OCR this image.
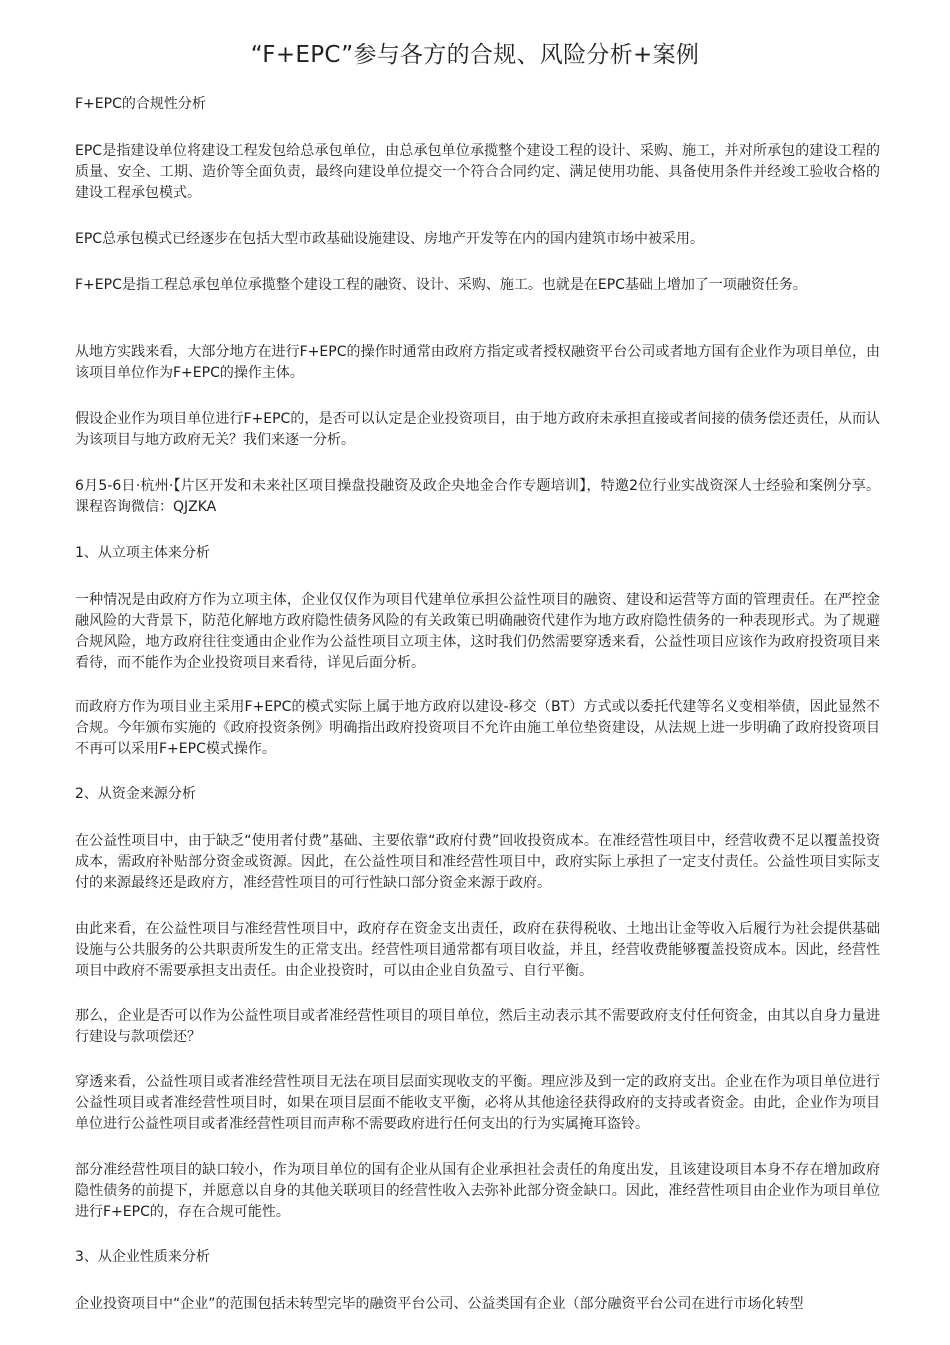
“F+EPC”参与各方的合规、风险分析+案例

F+EPC的合规性分析

EPC是指建设单位将建设工程发包给总承包单位，由总承包单位承揽整个建设工程的设计、采购、施工，并对所承包的建设工程的质量、安全、工期、造价等全面负责，最终向建设单位提交一个符合合同约定、满足使用功能、具备使用条件并经竣工验收合格的建设工程承包模式。

EPC总承包模式已经逐步在包括大型市政基础设施建设、房地产开发等在内的国内建筑市场中被采用。

F+EPC是指工程总承包单位承揽整个建设工程的融资、设计、采购、施工。也就是在EPC基础上增加了一项融资任务。

从地方实践来看，大部分地方在进行F+EPC的操作时通常由政府方指定或者授权融资平台公司或者地方国有企业作为项目单位，由该项目单位作为F+EPC的操作主体。

假设企业作为项目单位进行F+EPC的，是否可以认定是企业投资项目，由于地方政府未承担直接或者间接的债务偿还责任，从而认为该项目与地方政府无关？我们来逐一分析。

6月5-6日·杭州·【片区开发和未来社区项目操盘投融资及政企央地金合作专题培训】，特邀2位行业实战资深人士经验和案例分享。课程咨询微信：QJZKA

1、从立项主体来分析

一种情况是由政府方作为立项主体，企业仅仅作为项目代建单位承担公益性项目的融资、建设和运营等方面的管理责任。在严控金融风险的大背景下，防范化解地方政府隐性债务风险的有关政策已明确融资代建作为地方政府隐性债务的一种表现形式。为了规避合规风险，地方政府往往变通由企业作为公益性项目立项主体，这时我们仍然需要穿透来看，公益性项目应该作为政府投资项目来看待，而不能作为企业投资项目来看待，详见后面分析。

而政府方作为项目业主采用F+EPC的模式实际上属于地方政府以建设-移交（BT）方式或以委托代建等名义变相举债，因此显然不合规。今年颁布实施的《政府投资条例》明确指出政府投资项目不允许由施工单位垫资建设，从法规上进一步明确了政府投资项目不再可以采用F+EPC模式操作。

2、从资金来源分析

在公益性项目中，由于缺乏“使用者付费”基础、主要依靠“政府付费”回收投资成本。在准经营性项目中，经营收费不足以覆盖投资成本，需政府补贴部分资金或资源。因此，在公益性项目和准经营性项目中，政府实际上承担了一定支付责任。公益性项目实际支付的来源最终还是政府方，准经营性项目的可行性缺口部分资金来源于政府。

由此来看，在公益性项目与准经营性项目中，政府存在资金支出责任，政府在获得税收、土地出让金等收入后履行为社会提供基础设施与公共服务的公共职责所发生的正常支出。经营性项目通常都有项目收益，并且，经营收费能够覆盖投资成本。因此，经营性项目中政府不需要承担支出责任。由企业投资时，可以由企业自负盈亏、自行平衡。

那么，企业是否可以作为公益性项目或者准经营性项目的项目单位，然后主动表示其不需要政府支付任何资金，由其以自身力量进行建设与款项偿还？

穿透来看，公益性项目或者准经营性项目无法在项目层面实现收支的平衡。理应涉及到一定的政府支出。企业在作为项目单位进行公益性项目或者准经营性项目时，如果在项目层面不能收支平衡，必将从其他途径获得政府的支持或者资金。由此，企业作为项目单位进行公益性项目或者准经营性项目而声称不需要政府进行任何支出的行为实属掩耳盗铃。

部分准经营性项目的缺口较小，作为项目单位的国有企业从国有企业承担社会责任的角度出发，且该建设项目本身不存在增加政府隐性债务的前提下，并愿意以自身的其他关联项目的经营性收入去弥补此部分资金缺口。因此，准经营性项目由企业作为项目单位进行F+EPC的，存在合规可能性。

3、从企业性质来分析

企业投资项目中“企业”的范围包括未转型完毕的融资平台公司、公益类国有企业（部分融资平台公司在进行市场化转型
